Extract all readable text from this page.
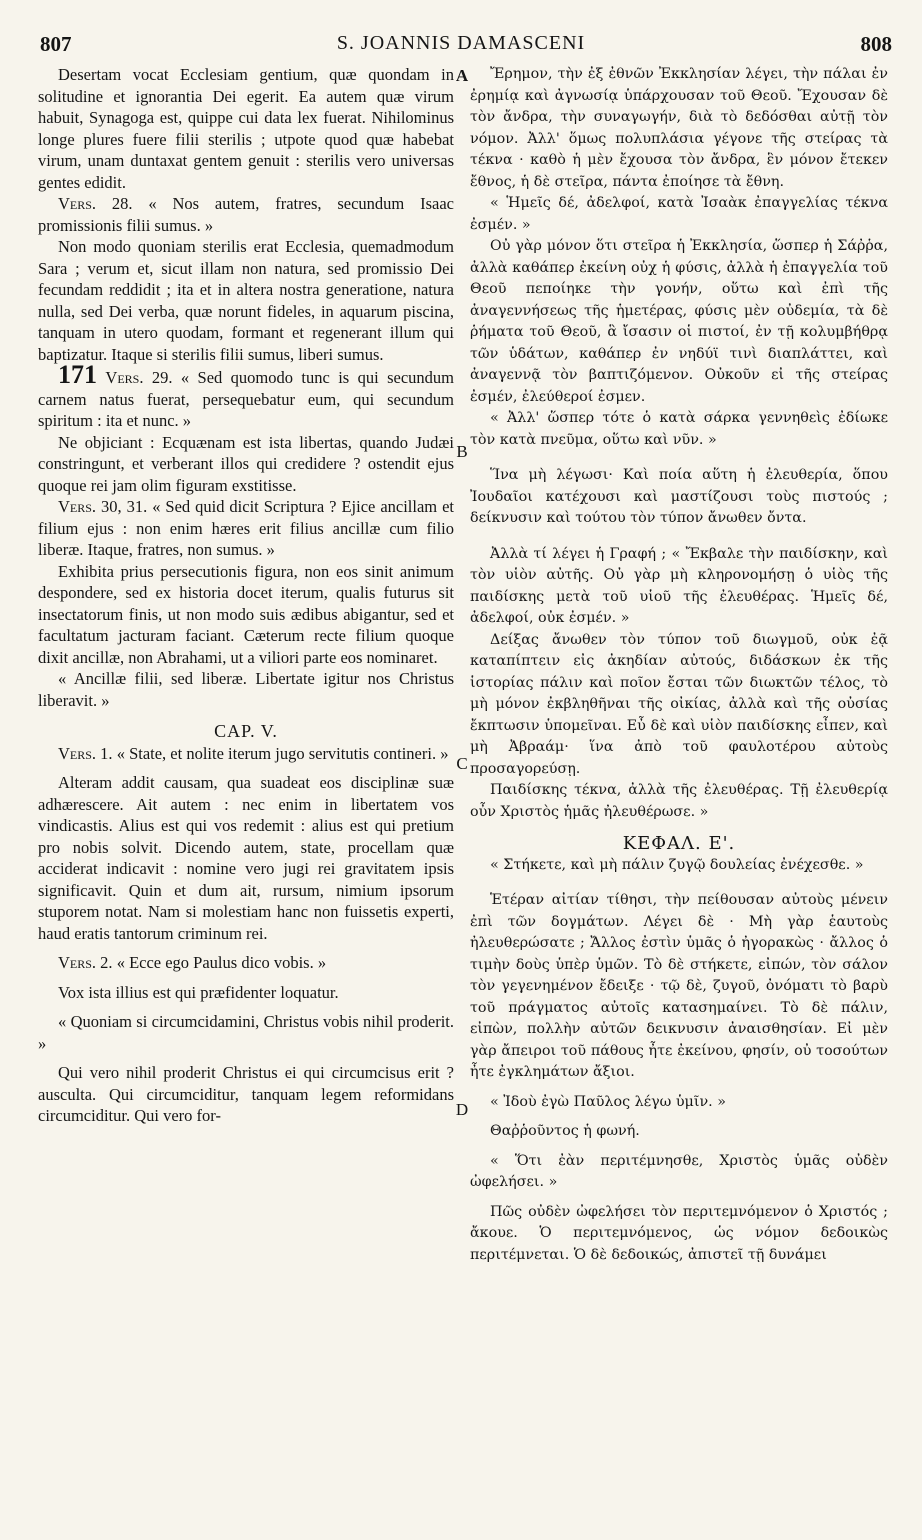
807	S. JOANNIS DAMASCENI	808
A
B
C
D

Desertam vocat Ecclesiam gentium, quæ quondam in solitudine et ignorantia Dei egerit. Ea autem quæ virum habuit, Synagoga est, quippe cui data lex fuerat. Nihilominus longe plures fuere filii sterilis ; utpote quod quæ habebat virum, unam duntaxat gentem genuit : sterilis vero universas gentes edidit.

Vers. 28. « Nos autem, fratres, secundum Isaac promissionis filii sumus. »

Non modo quoniam sterilis erat Ecclesia, quemadmodum Sara ; verum et, sicut illam non natura, sed promissio Dei fecundam reddidit ; ita et in altera nostra generatione, natura nulla, sed Dei verba, quæ norunt fideles, in aquarum piscina, tanquam in utero quodam, formant et regenerant illum qui baptizatur. Itaque si sterilis filii sumus, liberi sumus.

171 Vers. 29. « Sed quomodo tunc is qui secundum carnem natus fuerat, persequebatur eum, qui secundum spiritum : ita et nunc. »

Ne objiciant : Ecquænam est ista libertas, quando Judæi constringunt, et verberant illos qui credidere ? ostendit ejus quoque rei jam olim figuram exstitisse.

Vers. 30, 31. « Sed quid dicit Scriptura ? Ejice ancillam et filium ejus : non enim hæres erit filius ancillæ cum filio liberæ. Itaque, fratres, non sumus. »

Exhibita prius persecutionis figura, non eos sinit animum despondere, sed ex historia docet iterum, qualis futurus sit insectatorum finis, ut non modo suis ædibus abigantur, sed et facultatum jacturam faciant. Cæterum recte filium quoque dixit ancillæ, non Abrahami, ut a viliori parte eos nominaret.

« Ancillæ filii, sed liberæ. Libertate igitur nos Christus liberavit. »

CAP. V.

Vers. 1. « State, et nolite iterum jugo servitutis contineri. »

Alteram addit causam, qua suadeat eos disciplinæ suæ adhærescere. Ait autem : nec enim in libertatem vos vindicastis. Alius est qui vos redemit : alius est qui pretium pro nobis solvit. Dicendo autem, state, procellam quæ acciderat indicavit : nomine vero jugi rei gravitatem ipsis significavit. Quin et dum ait, rursum, nimium ipsorum stuporem notat. Nam si molestiam hanc non fuissetis experti, haud eratis tantorum criminum rei.

Vers. 2. « Ecce ego Paulus dico vobis. »

Vox ista illius est qui præfidenter loquatur.

« Quoniam si circumcidamini, Christus vobis nihil proderit. »

Qui vero nihil proderit Christus ei qui circumcisus erit ? ausculta. Qui circumciditur, tanquam legem reformidans circumciditur. Qui vero for-

Ἔρημον, τὴν ἐξ ἐθνῶν Ἐκκλησίαν λέγει, τὴν πάλαι ἐν ἐρημίᾳ καὶ ἀγνωσίᾳ ὑπάρχουσαν τοῦ Θεοῦ. Ἔχουσαν δὲ τὸν ἄνδρα, τὴν συναγωγήν, διὰ τὸ δεδόσθαι αὐτῇ τὸν νόμον. Ἀλλ' ὅμως πολυπλάσια γέγονε τῆς στείρας τὰ τέκνα · καθὸ ἡ μὲν ἔχουσα τὸν ἄνδρα, ἓν μόνον ἔτεκεν ἔθνος, ἡ δὲ στεῖρα, πάντα ἐποίησε τὰ ἔθνη.

« Ἡμεῖς δέ, ἀδελφοί, κατὰ Ἰσαὰκ ἐπαγγελίας τέκνα ἐσμέν. »

Οὐ γὰρ μόνον ὅτι στεῖρα ἡ Ἐκκλησία, ὥσπερ ἡ Σάῤῥα, ἀλλὰ καθάπερ ἐκείνη οὐχ ἡ φύσις, ἀλλὰ ἡ ἐπαγγελία τοῦ Θεοῦ πεποίηκε τὴν γονήν, οὕτω καὶ ἐπὶ τῆς ἀναγεννήσεως τῆς ἡμετέρας, φύσις μὲν οὐδεμία, τὰ δὲ ῥήματα τοῦ Θεοῦ, ἃ ἴσασιν οἱ πιστοί, ἐν τῇ κολυμβήθρᾳ τῶν ὑδάτων, καθάπερ ἐν νηδύϊ τινὶ διαπλάττει, καὶ ἀναγεννᾷ τὸν βαπτιζόμενον. Οὐκοῦν εἰ τῆς στείρας ἐσμέν, ἐλεύθεροί ἐσμεν.

« Ἀλλ' ὥσπερ τότε ὁ κατὰ σάρκα γεννηθεὶς ἐδίωκε τὸν κατὰ πνεῦμα, οὕτω καὶ νῦν. »

Ἵνα μὴ λέγωσι· Καὶ ποία αὕτη ἡ ἐλευθερία, ὅπου Ἰουδαῖοι κατέχουσι καὶ μαστίζουσι τοὺς πιστούς ; δείκνυσιν καὶ τούτου τὸν τύπον ἄνωθεν ὄντα.

Ἀλλὰ τί λέγει ἡ Γραφή ; « Ἔκβαλε τὴν παιδίσκην, καὶ τὸν υἱὸν αὐτῆς. Οὐ γὰρ μὴ κληρονομήσῃ ὁ υἱὸς τῆς παιδίσκης μετὰ τοῦ υἱοῦ τῆς ἐλευθέρας. Ἡμεῖς δέ, ἀδελφοί, οὐκ ἐσμέν. »

Δείξας ἄνωθεν τὸν τύπον τοῦ διωγμοῦ, οὐκ ἐᾷ καταπίπτειν εἰς ἀκηδίαν αὐτούς, διδάσκων ἐκ τῆς ἱστορίας πάλιν καὶ ποῖον ἔσται τῶν διωκτῶν τέλος, τὸ μὴ μόνον ἐκβληθῆναι τῆς οἰκίας, ἀλλὰ καὶ τῆς οὐσίας ἔκπτωσιν ὑπομεῖναι. Εὖ δὲ καὶ υἱὸν παιδίσκης εἶπεν, καὶ μὴ Ἀβραάμ· ἵνα ἀπὸ τοῦ φαυλοτέρου αὐτοὺς προσαγορεύσῃ.

Παιδίσκης τέκνα, ἀλλὰ τῆς ἐλευθέρας. Τῇ ἐλευθερίᾳ οὖν Χριστὸς ἡμᾶς ἠλευθέρωσε. »

ΚΕΦΑΛ. Ε'.

« Στήκετε, καὶ μὴ πάλιν ζυγῷ δουλείας ἐνέχεσθε. »

Ἑτέραν αἰτίαν τίθησι, τὴν πείθουσαν αὐτοὺς μένειν ἐπὶ τῶν δογμάτων. Λέγει δὲ · Μὴ γὰρ ἑαυτοὺς ἠλευθερώσατε ; Ἄλλος ἐστὶν ὑμᾶς ὁ ἠγορακὼς · ἄλλος ὁ τιμὴν δοὺς ὑπὲρ ὑμῶν. Τὸ δὲ στήκετε, εἰπών, τὸν σάλον τὸν γεγενημένον ἔδειξε · τῷ δὲ, ζυγοῦ, ὀνόματι τὸ βαρὺ τοῦ πράγματος αὐτοῖς κατασημαίνει. Τὸ δὲ πάλιν, εἰπὼν, πολλὴν αὐτῶν δεικνυσιν ἀναισθησίαν. Εἰ μὲν γὰρ ἄπειροι τοῦ πάθους ἦτε ἐκείνου, φησίν, οὐ τοσούτων ἦτε ἐγκλημάτων ἄξιοι.

« Ἰδοὺ ἐγὼ Παῦλος λέγω ὑμῖν. »

Θαῤῥοῦντος ἡ φωνή.

« Ὅτι ἐὰν περιτέμνησθε, Χριστὸς ὑμᾶς οὐδὲν ὠφελήσει. »

Πῶς οὐδὲν ὠφελήσει τὸν περιτεμνόμενον ὁ Χριστός ; ἄκουε. Ὁ περιτεμνόμενος, ὡς νόμον δεδοικὼς περιτέμνεται. Ὁ δὲ δεδοικώς, ἀπιστεῖ τῇ δυνάμει
